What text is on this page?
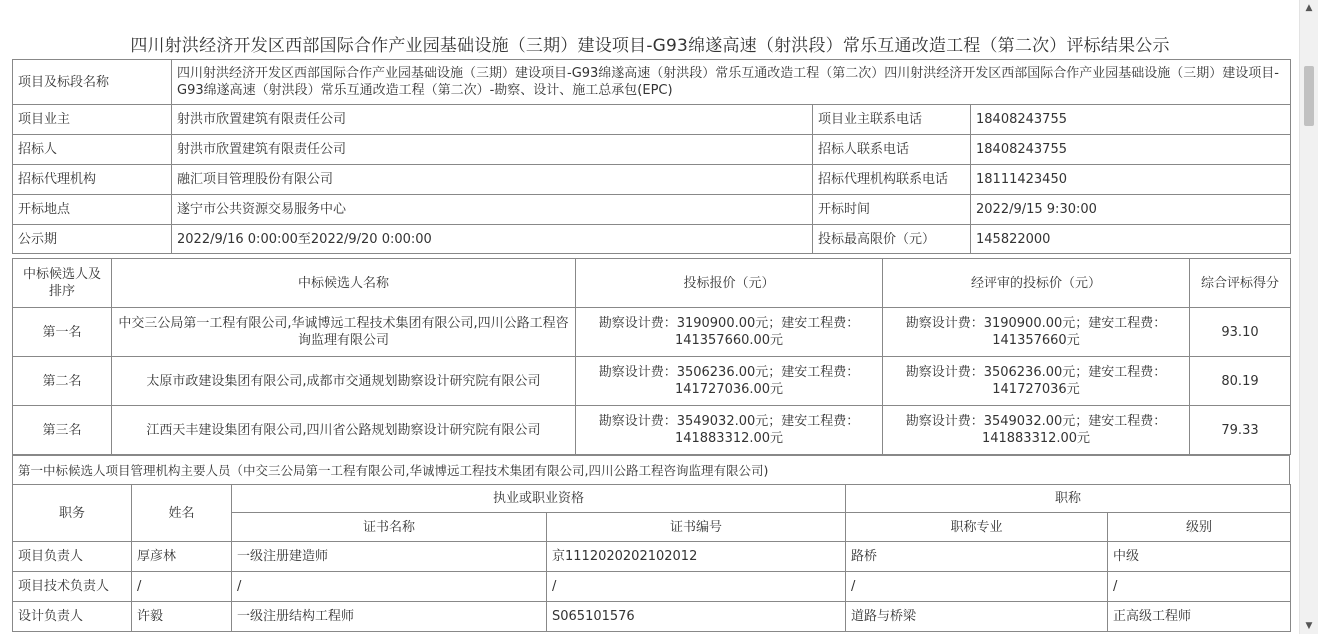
四川射洪经济开发区西部国际合作产业园基础设施（三期）建设项目-G93绵遂高速（射洪段）常乐互通改造工程（第二次）评标结果公示
项目及标段名称	四川射洪经济开发区西部国际合作产业园基础设施（三期）建设项目-G93绵遂高速（射洪段）常乐互通改造工程（第二次）四川射洪经济开发区西部国际合作产业园基础设施（三期）建设项目-G93绵遂高速（射洪段）常乐互通改造工程（第二次）-勘察、设计、施工总承包(EPC)		
项目业主	射洪市欣置建筑有限责任公司	项目业主联系电话	18408243755
招标人	射洪市欣置建筑有限责任公司	招标人联系电话	18408243755
招标代理机构	融汇项目管理股份有限公司	招标代理机构联系电话	18111423450
开标地点	遂宁市公共资源交易服务中心	开标时间	2022/9/15 9:30:00
公示期	2022/9/16 0:00:00至2022/9/20 0:00:00	投标最高限价（元）	145822000
中标候选人及排序	中标候选人名称	投标报价（元）	经评审的投标价（元）	综合评标得分
第一名	中交三公局第一工程有限公司,华诚博远工程技术集团有限公司,四川公路工程咨询监理有限公司	勘察设计费：3190900.00元；建安工程费：141357660.00元	勘察设计费：3190900.00元；建安工程费：141357660元	93.10
第二名	太原市政建设集团有限公司,成都市交通规划勘察设计研究院有限公司	勘察设计费：3506236.00元；建安工程费：141727036.00元	勘察设计费：3506236.00元；建安工程费：141727036元	80.19
第三名	江西天丰建设集团有限公司,四川省公路规划勘察设计研究院有限公司	勘察设计费：3549032.00元；建安工程费：141883312.00元	勘察设计费：3549032.00元；建安工程费：141883312.00元	79.33
第一中标候选人项目管理机构主要人员（中交三公局第一工程有限公司,华诚博远工程技术集团有限公司,四川公路工程咨询监理有限公司)
职务	姓名	执业或职业资格		职称	
		证书名称	证书编号	职称专业	级别
项目负责人	厚彦林	一级注册建造师	京1112020202102012	路桥	中级
项目技术负责人	/	/	/	/	/
设计负责人	许毅	一级注册结构工程师	S065101576	道路与桥梁	正高级工程师
▲
▼
